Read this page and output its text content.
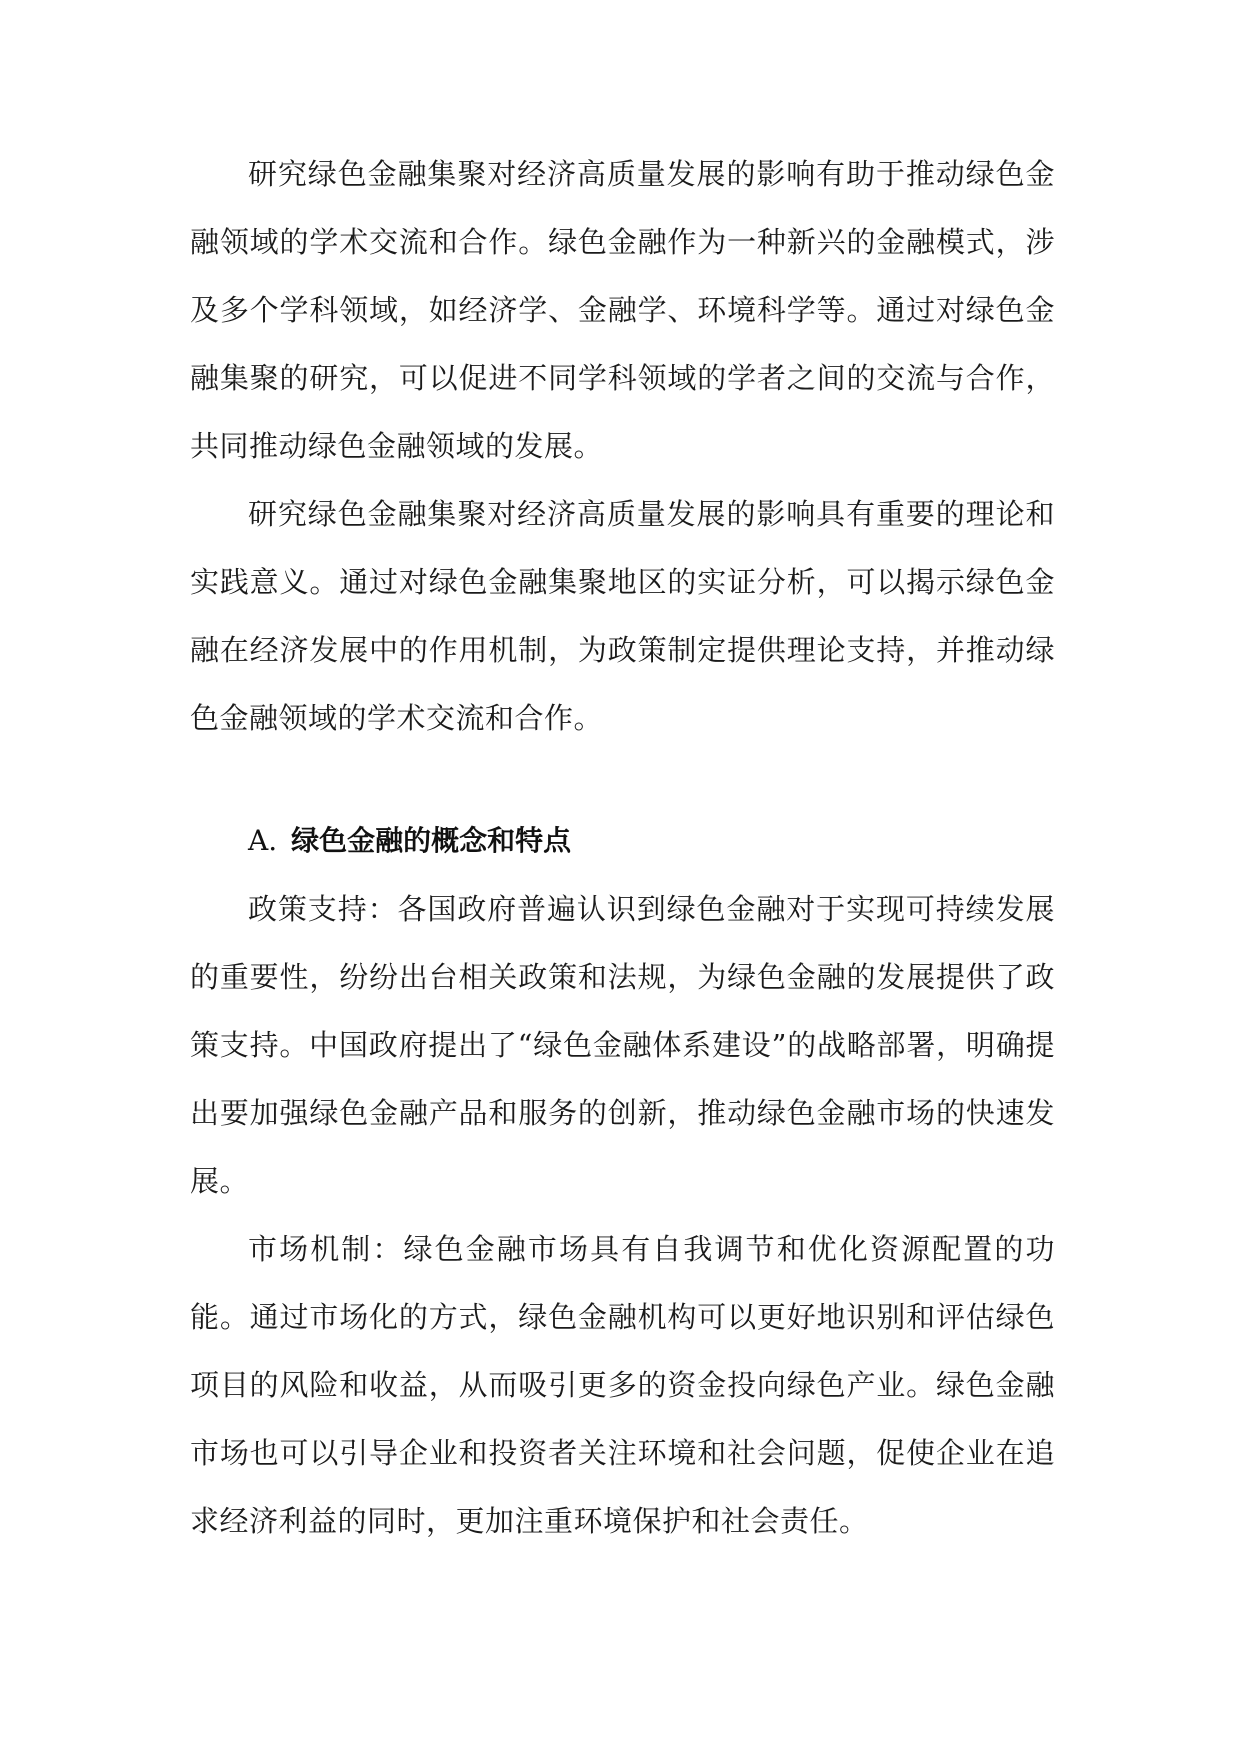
研究绿色金融集聚对经济高质量发展的影响有助于推动绿色金融领域的学术交流和合作。绿色金融作为一种新兴的金融模式，涉及多个学科领域，如经济学、金融学、环境科学等。通过对绿色金融集聚的研究，可以促进不同学科领域的学者之间的交流与合作，共同推动绿色金融领域的发展。

研究绿色金融集聚对经济高质量发展的影响具有重要的理论和实践意义。通过对绿色金融集聚地区的实证分析，可以揭示绿色金融在经济发展中的作用机制，为政策制定提供理论支持，并推动绿色金融领域的学术交流和合作。

A. 绿色金融的概念和特点

政策支持：各国政府普遍认识到绿色金融对于实现可持续发展的重要性，纷纷出台相关政策和法规，为绿色金融的发展提供了政策支持。中国政府提出了“绿色金融体系建设”的战略部署，明确提出要加强绿色金融产品和服务的创新，推动绿色金融市场的快速发展。

市场机制：绿色金融市场具有自我调节和优化资源配置的功能。通过市场化的方式，绿色金融机构可以更好地识别和评估绿色项目的风险和收益，从而吸引更多的资金投向绿色产业。绿色金融市场也可以引导企业和投资者关注环境和社会问题，促使企业在追求经济利益的同时，更加注重环境保护和社会责任。
